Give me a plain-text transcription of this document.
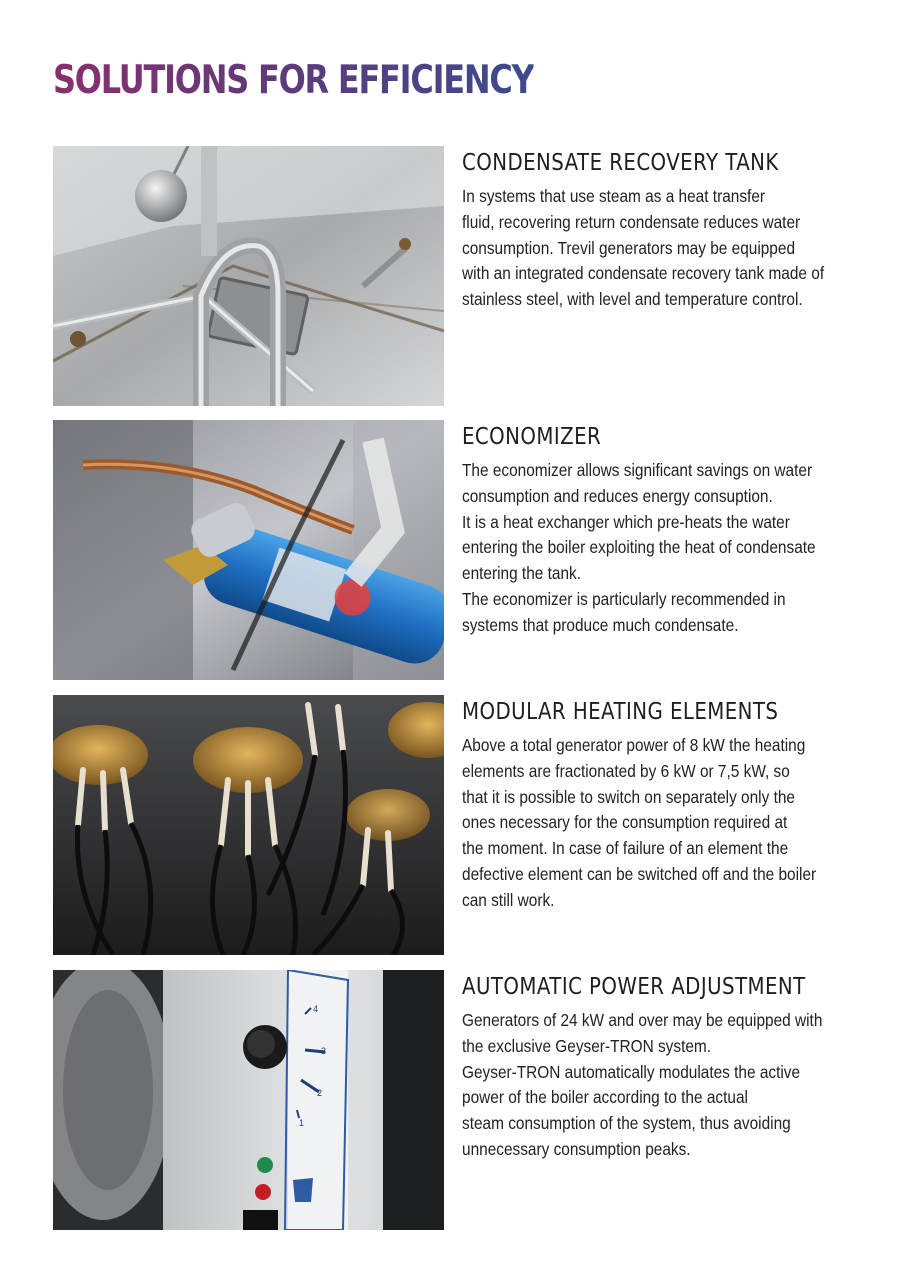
SOLUTIONS FOR EFFICIENCY
CONDENSATE RECOVERY TANK
In systems that use steam as a heat transfer
fluid, recovering return condensate reduces water
consumption. Trevil generators may be equipped
with an integrated condensate recovery tank made of
stainless steel, with level and temperature control.
ECONOMIZER
The economizer allows significant savings on water
consumption and reduces energy consuption.
It is a heat exchanger which pre-heats the water
entering the boiler exploiting the heat of condensate
entering the tank.
The economizer is particularly recommended in
systems that produce much condensate.
MODULAR HEATING ELEMENTS
Above a total generator power of 8 kW the heating
elements are fractionated by 6 kW or 7,5 kW, so
that it is possible to switch on separately only the
ones necessary for the consumption required at
the moment. In case of failure of an element the
defective element can be switched off and the boiler
can still work.
4
3
2
1
AUTOMATIC POWER ADJUSTMENT
Generators of 24 kW and over may be equipped with
the exclusive Geyser-TRON system.
Geyser-TRON automatically modulates the active
power of the boiler according to the actual
steam consumption of the system, thus avoiding
unnecessary consumption peaks.
